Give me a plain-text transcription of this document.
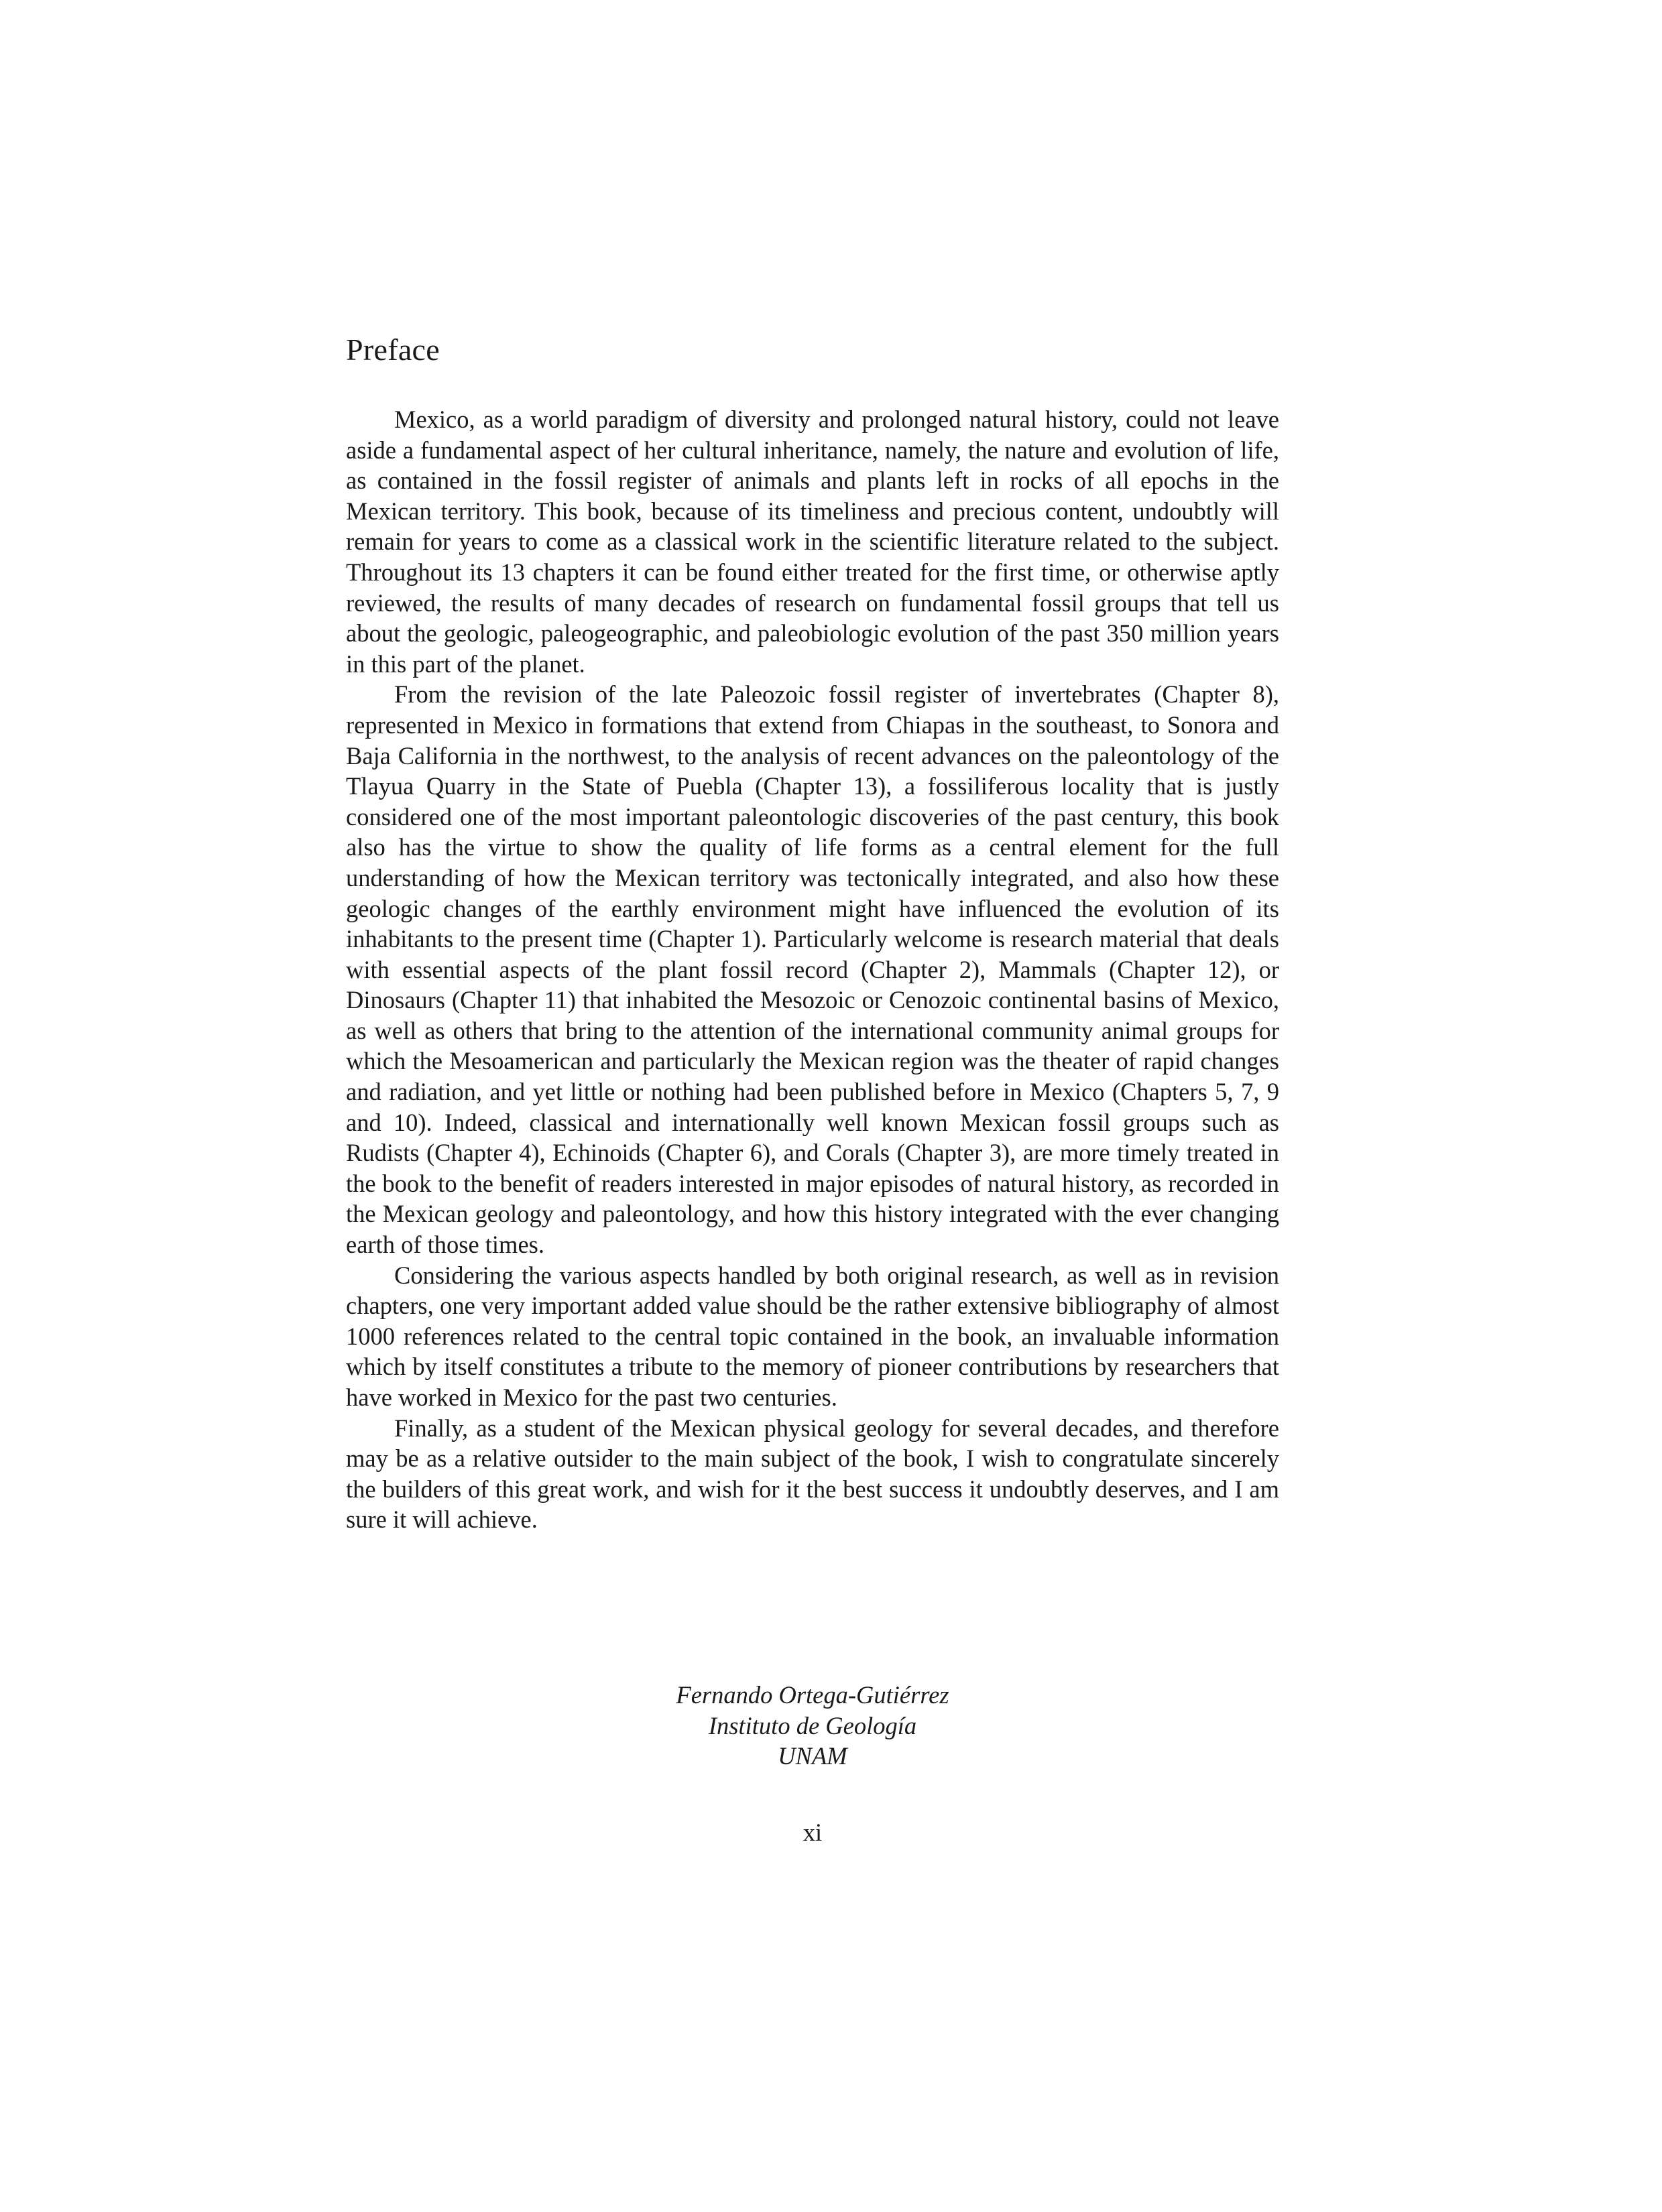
Preface

Mexico, as a world paradigm of diversity and prolonged natural history, could not leave aside a fundamental aspect of her cultural inheritance, namely, the nature and evolution of life, as contained in the fossil register of animals and plants left in rocks of all epochs in the Mexican territory. This book, because of its timeliness and precious content, undoubtly will remain for years to come as a classical work in the scientific literature related to the subject. Throughout its 13 chapters it can be found either treated for the first time, or otherwise aptly reviewed, the results of many decades of research on fundamental fossil groups that tell us about the geologic, paleogeographic, and paleobiologic evolution of the past 350 million years in this part of the planet.

From the revision of the late Paleozoic fossil register of invertebrates (Chapter 8), represented in Mexico in formations that extend from Chiapas in the southeast, to Sonora and Baja California in the northwest, to the analysis of recent advances on the paleontology of the Tlayua Quarry in the State of Puebla (Chapter 13), a fossiliferous locality that is justly considered one of the most important paleontologic discoveries of the past century, this book also has the virtue to show the quality of life forms as a central element for the full understanding of how the Mexican territory was tectonically integrated, and also how these geologic changes of the earthly environment might have influenced the evolution of its inhabitants to the present time (Chapter 1). Particularly welcome is research material that deals with essential aspects of the plant fossil record (Chapter 2), Mammals (Chapter 12), or Dinosaurs (Chapter 11) that inhabited the Mesozoic or Cenozoic continental basins of Mexico, as well as others that bring to the attention of the international community animal groups for which the Mesoamerican and particularly the Mexican region was the theater of rapid changes and radiation, and yet little or nothing had been published before in Mexico (Chapters 5, 7, 9 and 10). Indeed, classical and internationally well known Mexican fossil groups such as Rudists (Chapter 4), Echinoids (Chapter 6), and Corals (Chapter 3), are more timely treated in the book to the benefit of readers interested in major episodes of natural history, as recorded in the Mexican geology and paleontology, and how this history integrated with the ever changing earth of those times.

Considering the various aspects handled by both original research, as well as in revision chapters, one very important added value should be the rather extensive bibliography of almost 1000 references related to the central topic contained in the book, an invaluable information which by itself constitutes a tribute to the memory of pioneer contributions by researchers that have worked in Mexico for the past two centuries.

Finally, as a student of the Mexican physical geology for several decades, and therefore may be as a relative outsider to the main subject of the book, I wish to congratulate sincerely the builders of this great work, and wish for it the best success it undoubtly deserves, and I am sure it will achieve.

Fernando Ortega-Gutiérrez
Instituto de Geología
UNAM
xi
